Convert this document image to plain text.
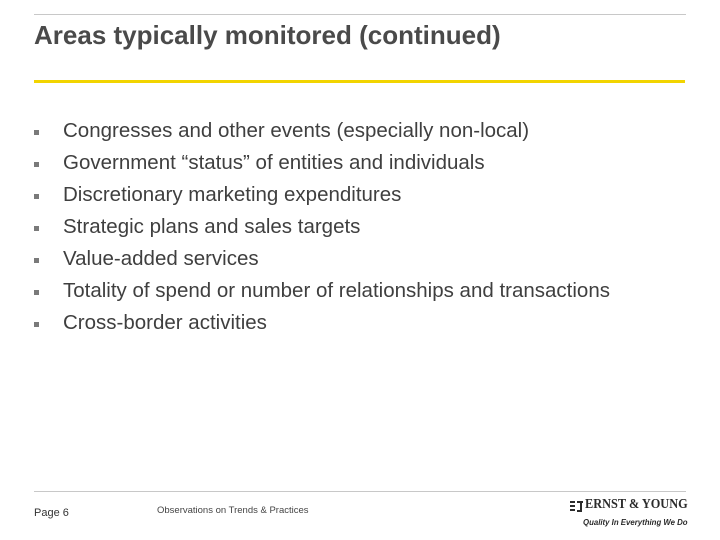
Areas typically monitored (continued)
Congresses and other events (especially non-local)
Government “status” of entities and individuals
Discretionary marketing expenditures
Strategic plans and sales targets
Value-added services
Totality of spend or number of relationships and transactions
Cross-border activities
Page 6	Observations on Trends & Practices	ERNST & YOUNG
Quality In Everything We Do
